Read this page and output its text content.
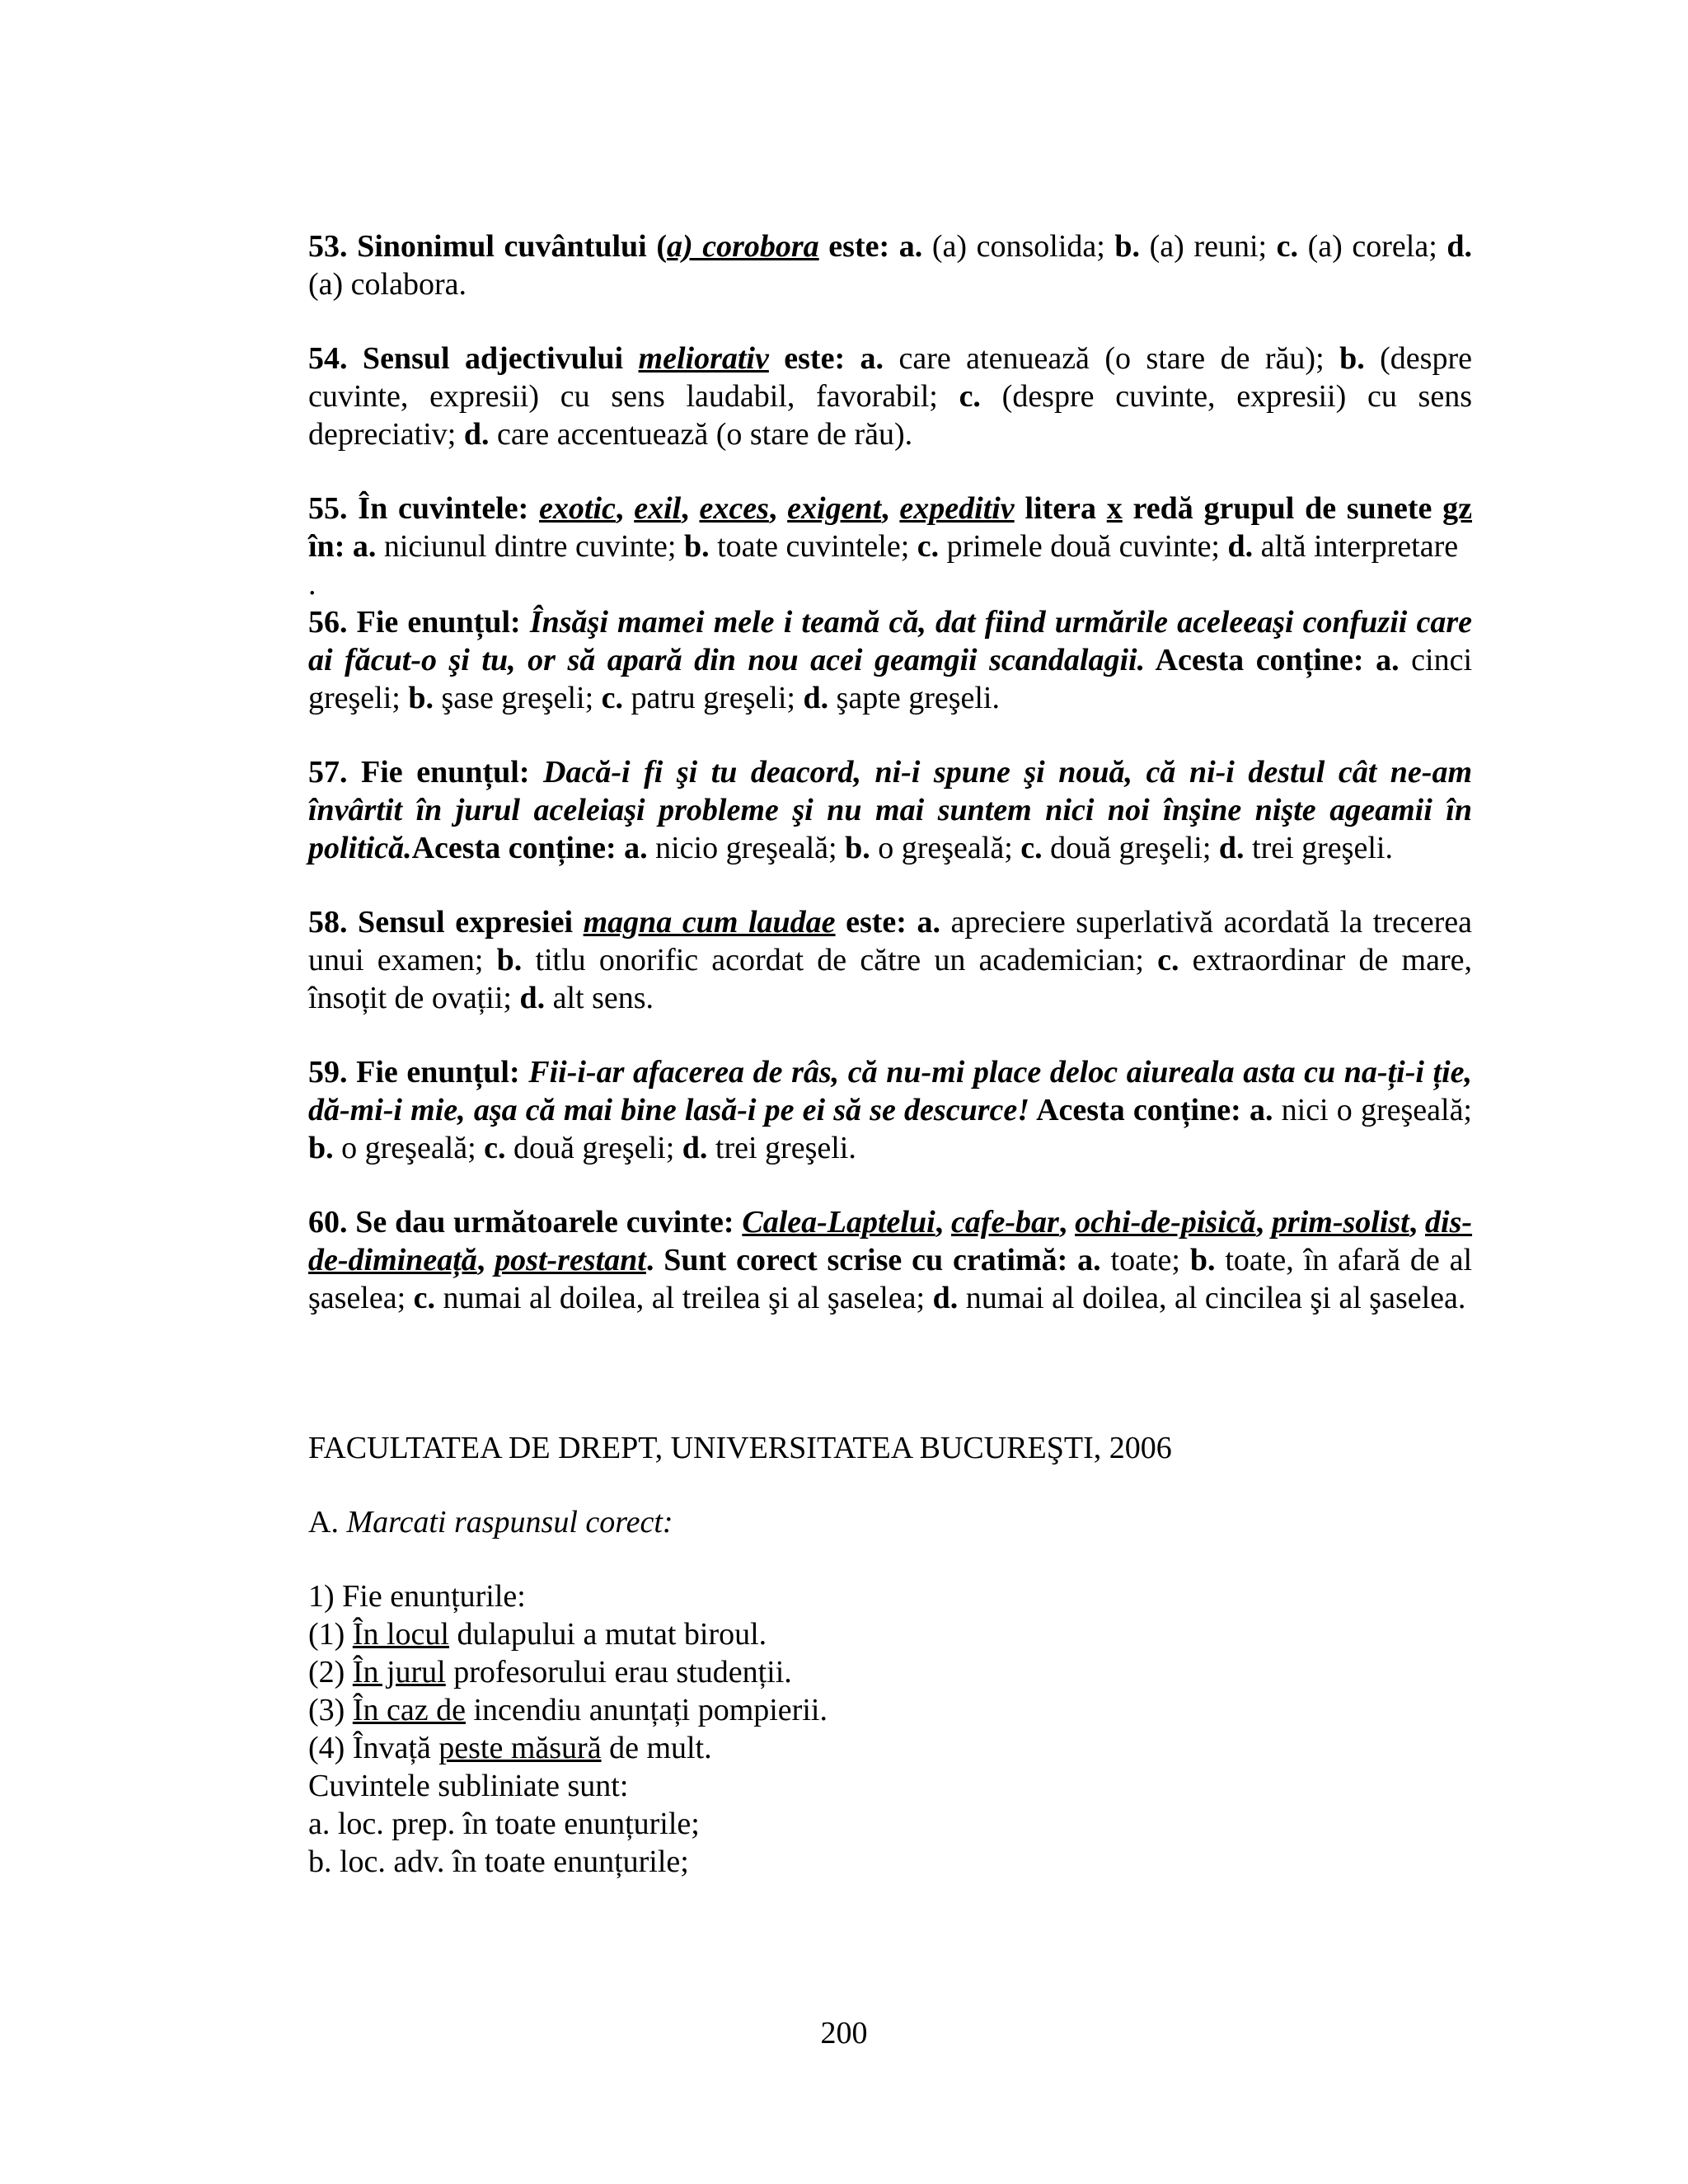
53. Sinonimul cuvântului (a) corobora este: a. (a) consolida; b. (a) reuni; c. (a) corela; d. (a) colabora.

54. Sensul adjectivului meliorativ este: a. care atenuează (o stare de rău); b. (despre cuvinte, expresii) cu sens laudabil, favorabil; c. (despre cuvinte, expresii) cu sens depreciativ; d. care accentuează (o stare de rău).

55. În cuvintele: exotic, exil, exces, exigent, expeditiv litera x redă grupul de sunete gz în: a. niciunul dintre cuvinte; b. toate cuvintele; c. primele două cuvinte; d. altă interpretare

.

56. Fie enunțul: Însăşi mamei mele i teamă că, dat fiind urmările aceleeaşi confuzii care ai făcut-o şi tu, or să apară din nou acei geamgii scandalagii. Acesta conține: a. cinci greşeli; b. şase greşeli; c. patru greşeli; d. şapte greşeli.

57. Fie enunțul: Dacă-i fi şi tu deacord, ni-i spune şi nouă, că ni-i destul cât ne-am învârtit în jurul aceleiaşi probleme şi nu mai suntem nici noi înşine nişte ageamii în politică.Acesta conține: a. nicio greşeală; b. o greşeală; c. două greşeli; d. trei greşeli.

58. Sensul expresiei magna cum laudae este: a. apreciere superlativă acordată la trecerea unui examen; b. titlu onorific acordat de către un academician; c. extraordinar de mare, însoțit de ovații; d. alt sens.

59. Fie enunțul: Fii-i-ar afacerea de râs, că nu-mi place deloc aiureala asta cu na-ți-i ție, dă-mi-i mie, aşa că mai bine lasă-i pe ei să se descurce! Acesta conține: a. nici o greşeală; b. o greşeală; c. două greşeli; d. trei greşeli.

60. Se dau următoarele cuvinte: Calea-Laptelui, cafe-bar, ochi-de-pisică, prim-solist, dis-de-dimineață, post-restant. Sunt corect scrise cu cratimă: a. toate; b. toate, în afară de al şaselea; c. numai al doilea, al treilea şi al şaselea; d. numai al doilea, al cincilea şi al şaselea.

FACULTATEA DE DREPT, UNIVERSITATEA BUCUREŞTI, 2006

A. Marcati raspunsul corect:

1) Fie enunțurile:
(1) În locul dulapului a mutat biroul.
(2) În jurul profesorului erau studenții.
(3) În caz de incendiu anunțați pompierii.
(4) Învață peste măsură de mult.
Cuvintele subliniate sunt:
a. loc. prep. în toate enunțurile;
b. loc. adv. în toate enunțurile;
200
